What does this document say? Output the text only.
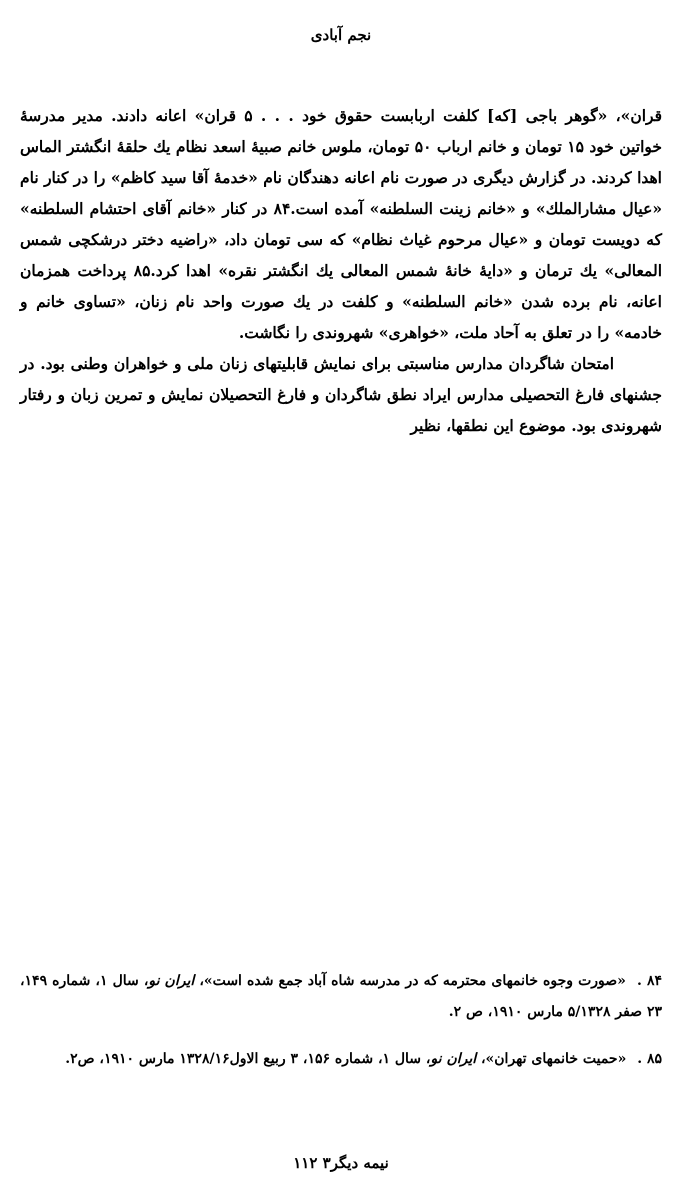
نجم آبادی

قران»، «گوهر باجی [که] کلفت اربابست حقوق خود . . . ۵ قران» اعانه دادند. مدیر مدرسهٔ خواتین خود ۱۵ تومان و خانم ارباب ۵۰ تومان، ملوس خانم صبیهٔ اسعد نظام یك حلقهٔ انگشتر الماس اهدا کردند. در گزارش دیگری در صورت نام اعانه دهندگان نام «خدمهٔ آقا سید کاظم» را در کنار نام «عیال مشارالملك» و «خانم زینت السلطنه» آمده است.۸۴ در کنار «خانم آقای احتشام السلطنه» که دویست تومان و «عیال مرحوم غیاث نظام» که سی تومان داد، «راضیه دختر درشکچی شمس المعالی» یك ترمان و «دایهٔ خانهٔ شمس المعالی یك انگشتر نقره» اهدا کرد.۸۵ پرداخت همزمان اعانه، نام برده شدن «خانم السلطنه» و کلفت در یك صورت واحد نام زنان، «تساوی خانم و خادمه» را در تعلق به آحاد ملت، «خواهری» شهروندی را نگاشت.

امتحان شاگردان مدارس مناسبتی برای نمایش قابلیتهای زنان ملی و خواهران وطنی بود. در جشنهای فارغ التحصیلی مدارس ایراد نطق شاگردان و فارغ التحصیلان نمایش و تمرین زبان و رفتار شهروندی بود. موضوع این نطقها، نظیر

۸۴ . «صورت وجوه خانمهای محترمه که در مدرسه شاه آباد جمع شده است»، ایران نو، سال ۱، شماره ۱۴۹، ۲۳ صفر ۵/۱۳۲۸ مارس ۱۹۱۰، ص ۲.

۸۵ . «حمیت خانمهای تهران»، ایران نو، سال ۱، شماره ۱۵۶، ۳ ربیع الاول۱۳۲۸/۱۶ مارس ۱۹۱۰، ص۲.

نیمه دیگر۳ ۱۱۲
